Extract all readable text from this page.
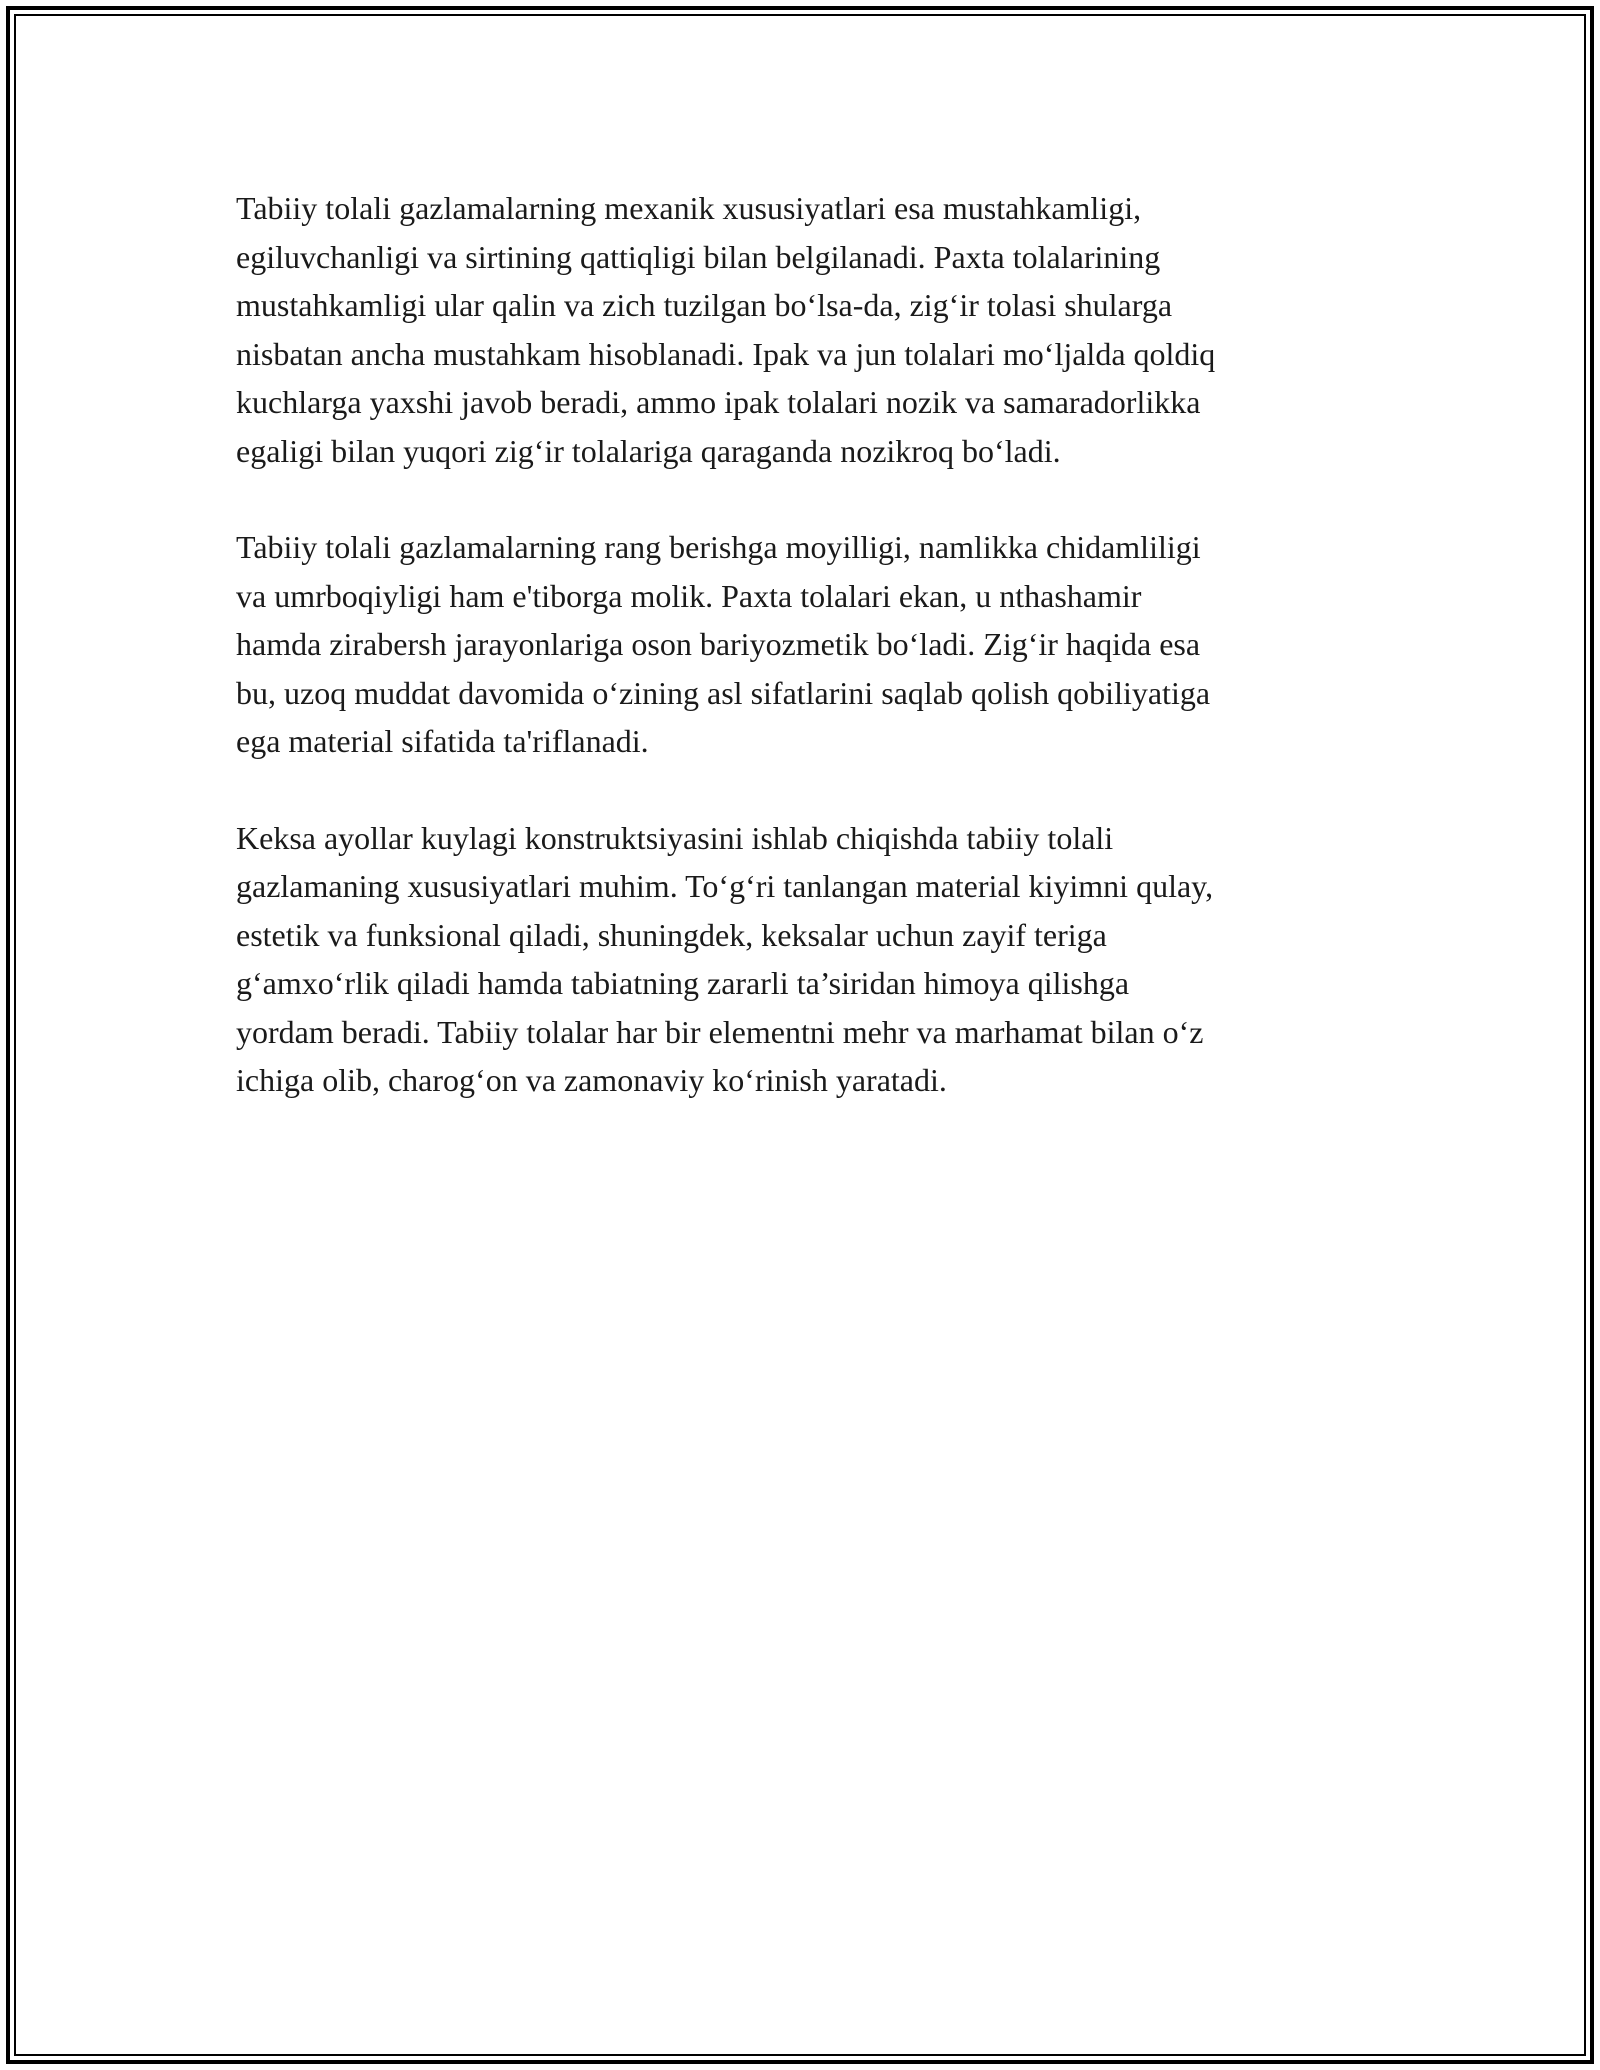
Tabiiy tolali gazlamalarning mexanik xususiyatlari esa mustahkamligi,
egiluvchanligi va sirtining qattiqligi bilan belgilanadi. Paxta tolalarining
mustahkamligi ular qalin va zich tuzilgan bo‘lsa-da, zig‘ir tolasi shularga
nisbatan ancha mustahkam hisoblanadi. Ipak va jun tolalari mo‘ljalda qoldiq
kuchlarga yaxshi javob beradi, ammo ipak tolalari nozik va samaradorlikka
egaligi bilan yuqori zig‘ir tolalariga qaraganda nozikroq bo‘ladi.

Tabiiy tolali gazlamalarning rang berishga moyilligi, namlikka chidamliligi
va umrboqiyligi ham e'tiborga molik. Paxta tolalari ekan, u nthashamir
hamda zirabersh jarayonlariga oson bariyozmetik bo‘ladi. Zig‘ir haqida esa
bu, uzoq muddat davomida o‘zining asl sifatlarini saqlab qolish qobiliyatiga
ega material sifatida ta'riflanadi.

Keksa ayollar kuylagi konstruktsiyasini ishlab chiqishda tabiiy tolali
gazlamaning xususiyatlari muhim. To‘g‘ri tanlangan material kiyimni qulay,
estetik va funksional qiladi, shuningdek, keksalar uchun zayif teriga
g‘amxo‘rlik qiladi hamda tabiatning zararli ta’siridan himoya qilishga
yordam beradi. Tabiiy tolalar har bir elementni mehr va marhamat bilan o‘z
ichiga olib, charog‘on va zamonaviy ko‘rinish yaratadi.
